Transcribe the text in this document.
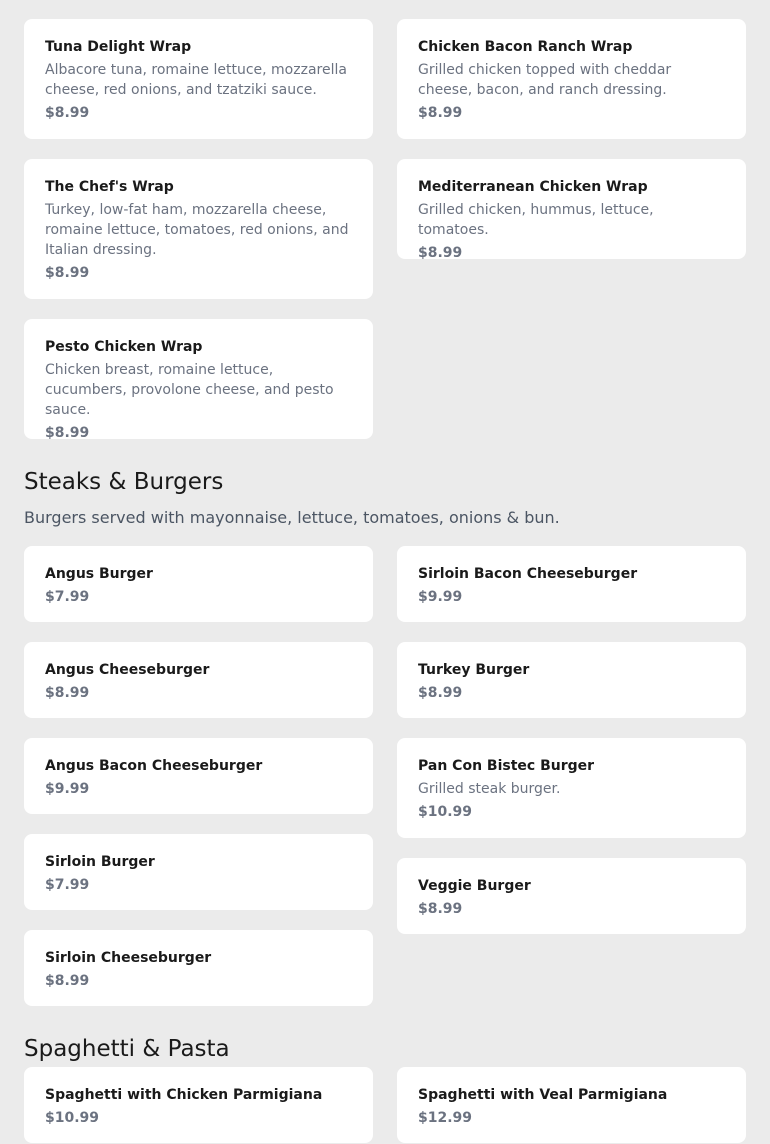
Tuna Delight Wrap
Albacore tuna, romaine lettuce, mozzarella cheese, red onions, and tzatziki sauce.
$8.99
Chicken Bacon Ranch Wrap
Grilled chicken topped with cheddar cheese, bacon, and ranch dressing.
$8.99
The Chef's Wrap
Turkey, low-fat ham, mozzarella cheese, romaine lettuce, tomatoes, red onions, and Italian dressing.
$8.99
Mediterranean Chicken Wrap
Grilled chicken, hummus, lettuce, tomatoes.
$8.99
Pesto Chicken Wrap
Chicken breast, romaine lettuce, cucumbers, provolone cheese, and pesto sauce.
$8.99
Steaks & Burgers
Burgers served with mayonnaise, lettuce, tomatoes, onions & bun.
Angus Burger
$7.99
Sirloin Bacon Cheeseburger
$9.99
Angus Cheeseburger
$8.99
Turkey Burger
$8.99
Angus Bacon Cheeseburger
$9.99
Pan Con Bistec Burger
Grilled steak burger.
$10.99
Sirloin Burger
$7.99	Veggie Burger
$8.99
Sirloin Cheeseburger
$8.99
Spaghetti & Pasta
Spaghetti with Chicken Parmigiana
$10.99
Spaghetti with Veal Parmigiana
$12.99
